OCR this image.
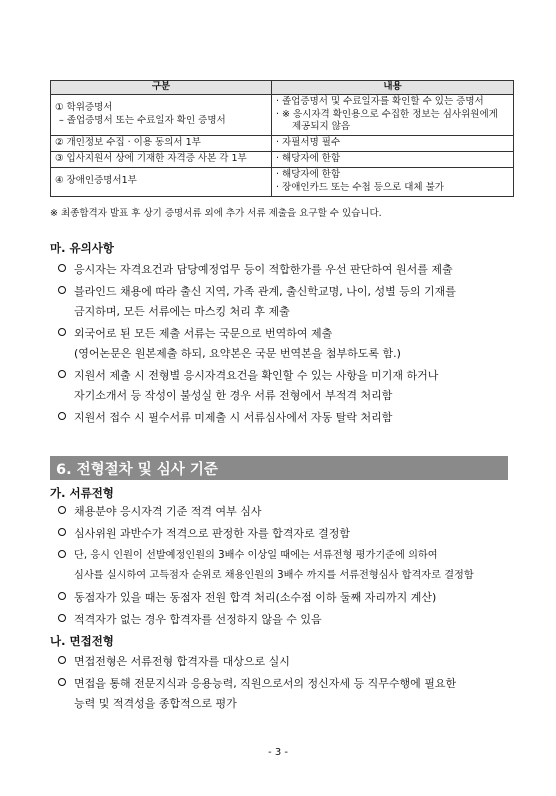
구분	내용

① 학위증명서
– 졸업증명서 또는 수료일자 확인 증명서	· 졸업증명서 및 수료일자를 확인할 수 있는 증명서
· ※ 응시자격 확인용으로 수집한 정보는 심사위원에게
제공되지 않음

② 개인정보 수집 · 이용 동의서 1부	· 자필서명 필수
③ 입사지원서 상에 기재한 자격증 사본 각 1부	· 해당자에 한함
④ 장애인증명서1부	· 해당자에 한함
· 장애인카드 또는 수첩 등으로 대체 불가
※ 최종합격자 발표 후 상기 증명서류 외에 추가 서류 제출을 요구할 수 있습니다.
마. 유의사항
응시자는 자격요건과 담당예정업무 등이 적합한가를 우선 판단하여 원서를 제출
블라인드 채용에 따라 출신 지역, 가족 관계, 출신학교명, 나이, 성별 등의 기재를
금지하며, 모든 서류에는 마스킹 처리 후 제출
외국어로 된 모든 제출 서류는 국문으로 번역하여 제출
(영어논문은 원본제출 하되, 요약본은 국문 번역본을 첨부하도록 함.)
지원서 제출 시 전형별 응시자격요건을 확인할 수 있는 사항을 미기재 하거나
자기소개서 등 작성이 불성실 한 경우 서류 전형에서 부적격 처리함
지원서 접수 시 필수서류 미제출 시 서류심사에서 자동 탈락 처리함
6. 전형절차 및 심사 기준
가. 서류전형
채용분야 응시자격 기준 적격 여부 심사
심사위원 과반수가 적격으로 판정한 자를 합격자로 결정함
단, 응시 인원이 선발예정인원의 3배수 이상일 때에는 서류전형 평가기준에 의하여
심사를 실시하여 고득점자 순위로 채용인원의 3배수 까지를 서류전형심사 합격자로 결정함
동점자가 있을 때는 동점자 전원 합격 처리(소수점 이하 둘째 자리까지 계산)
적격자가 없는 경우 합격자를 선정하지 않을 수 있음
나. 면접전형
면접전형은 서류전형 합격자를 대상으로 실시
면접을 통해 전문지식과 응용능력, 직원으로서의 정신자세 등 직무수행에 필요한
능력 및 적격성을 종합적으로 평가
- 3 -
